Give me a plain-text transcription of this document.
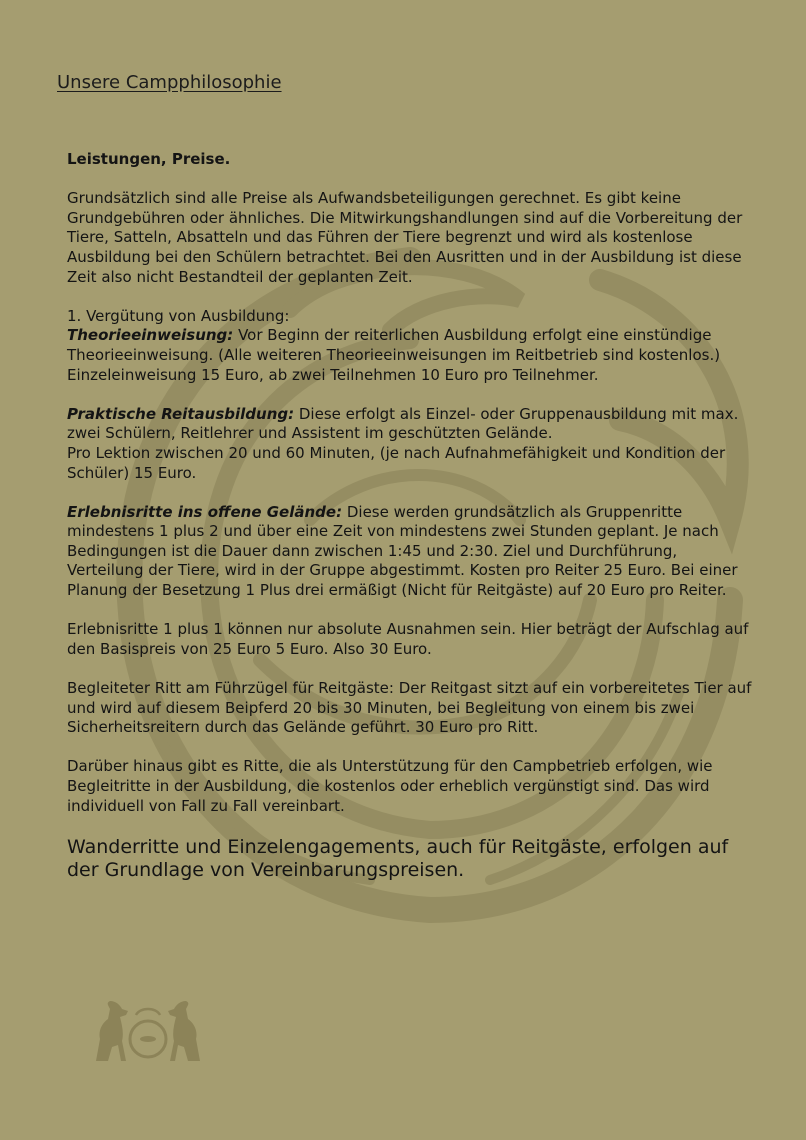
Unsere Campphilosophie

Leistungen, Preise.

Grundsätzlich sind alle Preise als Aufwandsbeteiligungen gerechnet. Es gibt keine Grundgebühren oder ähnliches. Die Mitwirkungshandlungen sind auf die Vorbereitung der Tiere, Satteln, Absatteln und das Führen der Tiere begrenzt und wird als kostenlose Ausbildung bei den Schülern betrachtet. Bei den Ausritten und in der Ausbildung ist diese Zeit also nicht Bestandteil der geplanten Zeit.

1. Vergütung von Ausbildung:
Theorieeinweisung: Vor Beginn der reiterlichen Ausbildung erfolgt eine einstündige Theorieeinweisung. (Alle weiteren Theorieeinweisungen im Reitbetrieb sind kostenlos.)
Einzeleinweisung 15 Euro, ab zwei Teilnehmen 10 Euro pro Teilnehmer.

Praktische Reitausbildung: Diese erfolgt als Einzel- oder Gruppenausbildung mit max. zwei Schülern, Reitlehrer und Assistent im geschützten Gelände.
Pro Lektion zwischen 20 und 60 Minuten, (je nach Aufnahmefähigkeit und Kondition der Schüler) 15 Euro.

Erlebnisritte ins offene Gelände: Diese werden grundsätzlich als Gruppenritte mindestens 1 plus 2 und über eine Zeit von mindestens zwei Stunden geplant. Je nach Bedingungen ist die Dauer dann zwischen 1:45 und 2:30. Ziel und Durchführung, Verteilung der Tiere, wird in der Gruppe abgestimmt. Kosten pro Reiter 25 Euro. Bei einer Planung der Besetzung 1 Plus drei ermäßigt (Nicht für Reitgäste) auf 20 Euro pro Reiter.

Erlebnisritte 1 plus 1 können nur absolute Ausnahmen sein. Hier beträgt der Aufschlag auf den Basispreis von 25 Euro 5 Euro. Also 30 Euro.

Begleiteter Ritt am Führzügel für Reitgäste: Der Reitgast sitzt auf ein vorbereitetes Tier auf und wird auf diesem Beipferd 20 bis 30 Minuten, bei Begleitung von einem bis zwei Sicherheitsreitern durch das Gelände geführt. 30 Euro pro Ritt.

Darüber hinaus gibt es Ritte, die als Unterstützung für den Campbetrieb erfolgen, wie Begleitritte in der Ausbildung, die kostenlos oder erheblich vergünstigt sind. Das wird individuell von Fall zu Fall vereinbart.

Wanderritte und Einzelengagements, auch für Reitgäste, erfolgen auf der Grundlage von Vereinbarungspreisen.
